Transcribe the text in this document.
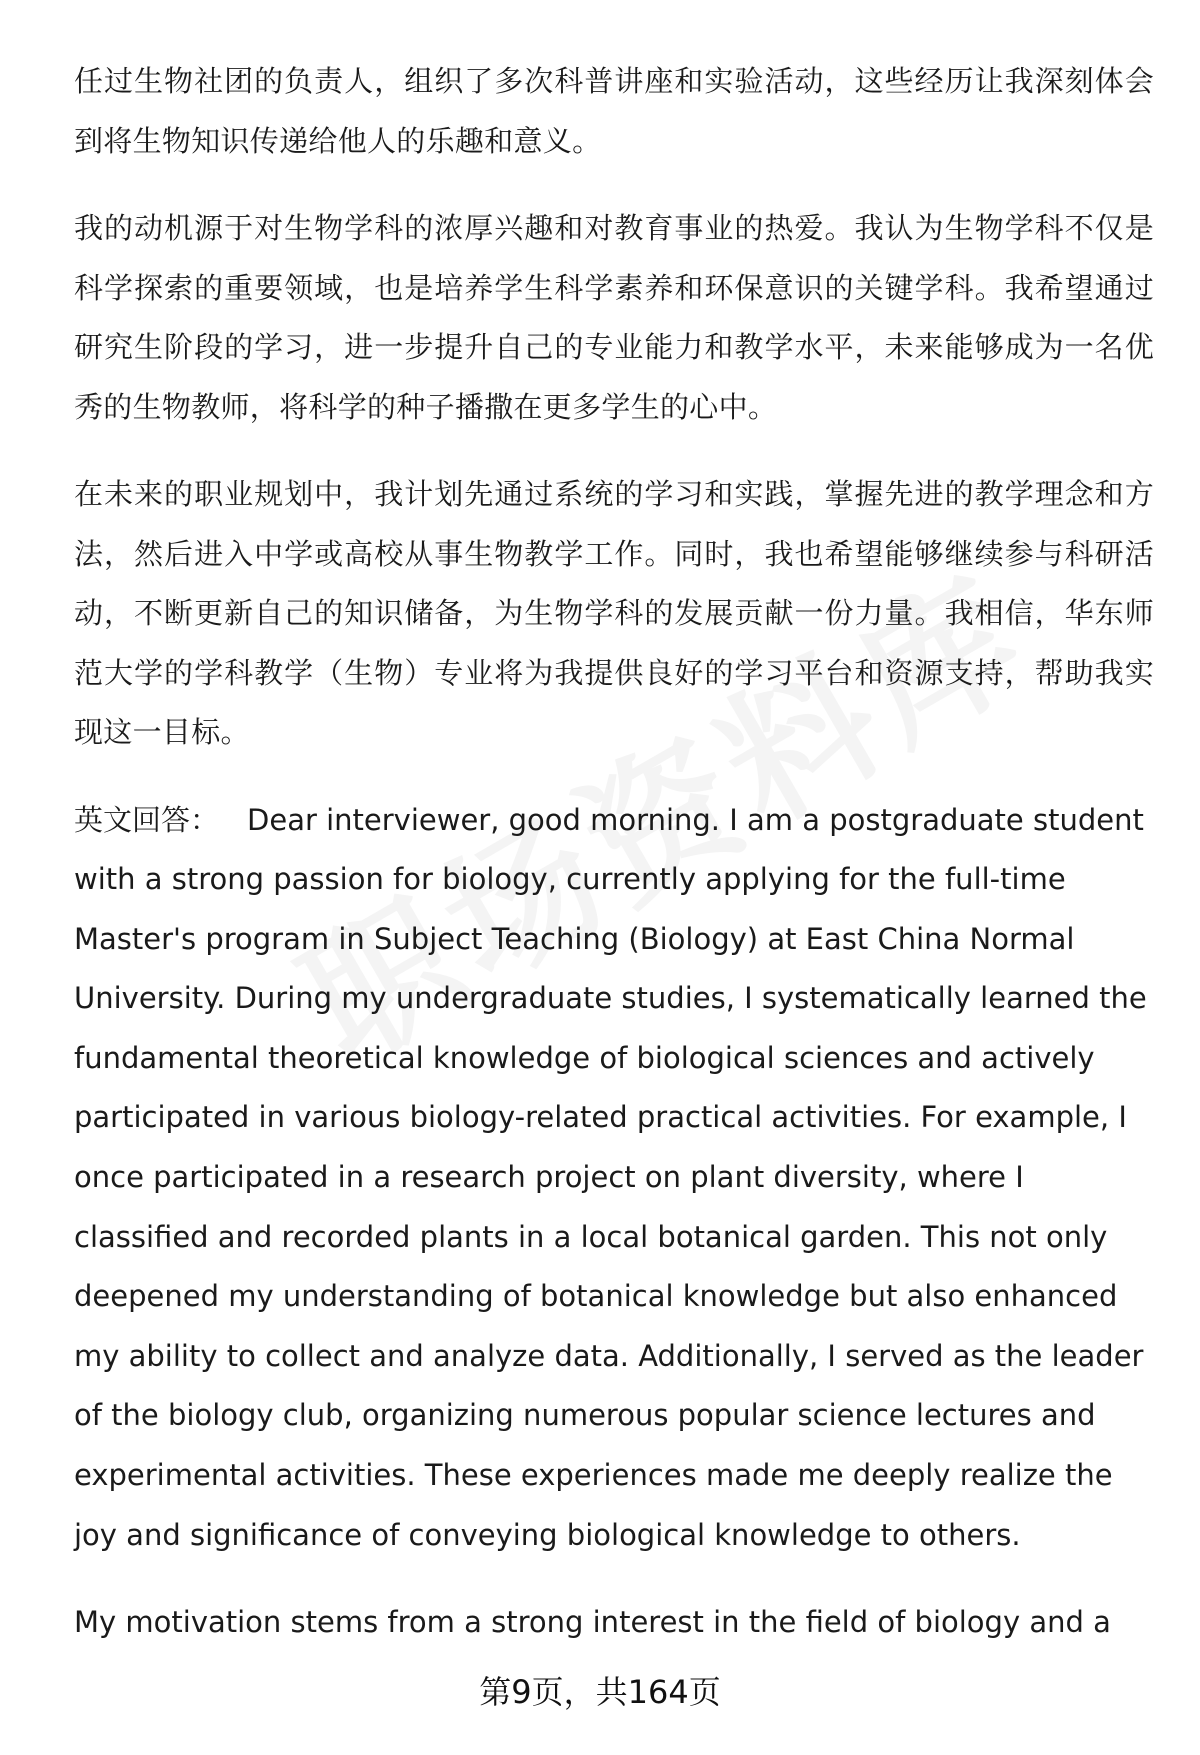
任过生物社团的负责人，组织了多次科普讲座和实验活动，这些经历让我深刻体会到将生物知识传递给他人的乐趣和意义。

我的动机源于对生物学科的浓厚兴趣和对教育事业的热爱。我认为生物学科不仅是科学探索的重要领域，也是培养学生科学素养和环保意识的关键学科。我希望通过研究生阶段的学习，进一步提升自己的专业能力和教学水平，未来能够成为一名优秀的生物教师，将科学的种子播撒在更多学生的心中。

在未来的职业规划中，我计划先通过系统的学习和实践，掌握先进的教学理念和方法，然后进入中学或高校从事生物教学工作。同时，我也希望能够继续参与科研活动，不断更新自己的知识储备，为生物学科的发展贡献一份力量。我相信，华东师范大学的学科教学（生物）专业将为我提供良好的学习平台和资源支持，帮助我实现这一目标。

英文回答： Dear interviewer, good morning. I am a postgraduate student with a strong passion for biology, currently applying for the full-time Master's program in Subject Teaching (Biology) at East China Normal University. During my undergraduate studies, I systematically learned the fundamental theoretical knowledge of biological sciences and actively participated in various biology-related practical activities. For example, I once participated in a research project on plant diversity, where I classified and recorded plants in a local botanical garden. This not only deepened my understanding of botanical knowledge but also enhanced my ability to collect and analyze data. Additionally, I served as the leader of the biology club, organizing numerous popular science lectures and experimental activities. These experiences made me deeply realize the joy and significance of conveying biological knowledge to others.

My motivation stems from a strong interest in the field of biology and a

第9页，共164页
